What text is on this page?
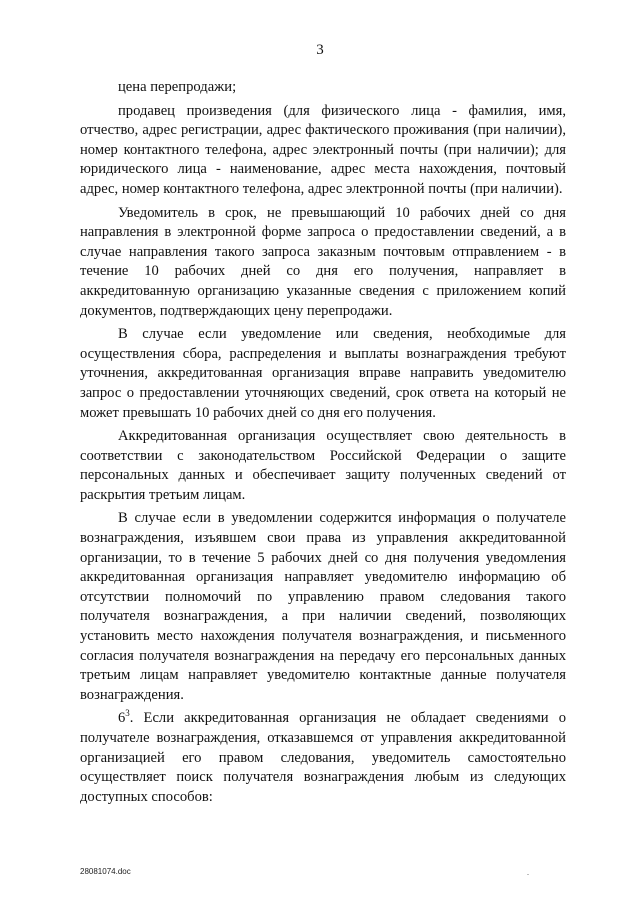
3

цена перепродажи;

продавец произведения (для физического лица - фамилия, имя, отчество, адрес регистрации, адрес фактического проживания (при наличии), номер контактного телефона, адрес электронный почты (при наличии); для юридического лица - наименование, адрес места нахождения, почтовый адрес, номер контактного телефона, адрес электронной почты (при наличии).

Уведомитель в срок, не превышающий 10 рабочих дней со дня направления в электронной форме запроса о предоставлении сведений, а в случае направления такого запроса заказным почтовым отправлением - в течение 10 рабочих дней со дня его получения, направляет в аккредитованную организацию указанные сведения с приложением копий документов, подтверждающих цену перепродажи.

В случае если уведомление или сведения, необходимые для осуществления сбора, распределения и выплаты вознаграждения требуют уточнения, аккредитованная организация вправе направить уведомителю запрос о предоставлении уточняющих сведений, срок ответа на который не может превышать 10 рабочих дней со дня его получения.

Аккредитованная организация осуществляет свою деятельность в соответствии с законодательством Российской Федерации о защите персональных данных и обеспечивает защиту полученных сведений от раскрытия третьим лицам.

В случае если в уведомлении содержится информация о получателе вознаграждения, изъявшем свои права из управления аккредитованной организации, то в течение 5 рабочих дней со дня получения уведомления аккредитованная организация направляет уведомителю информацию об отсутствии полномочий по управлению правом следования такого получателя вознаграждения, а при наличии сведений, позволяющих установить место нахождения получателя вознаграждения, и письменного согласия получателя вознаграждения на передачу его персональных данных третьим лицам направляет уведомителю контактные данные получателя вознаграждения.

$6^3$. Если аккредитованная организация не обладает сведениями о получателе вознаграждения, отказавшемся от управления аккредитованной организацией его правом следования, уведомитель самостоятельно осуществляет поиск получателя вознаграждения любым из следующих доступных способов:

28081074.doc	.
